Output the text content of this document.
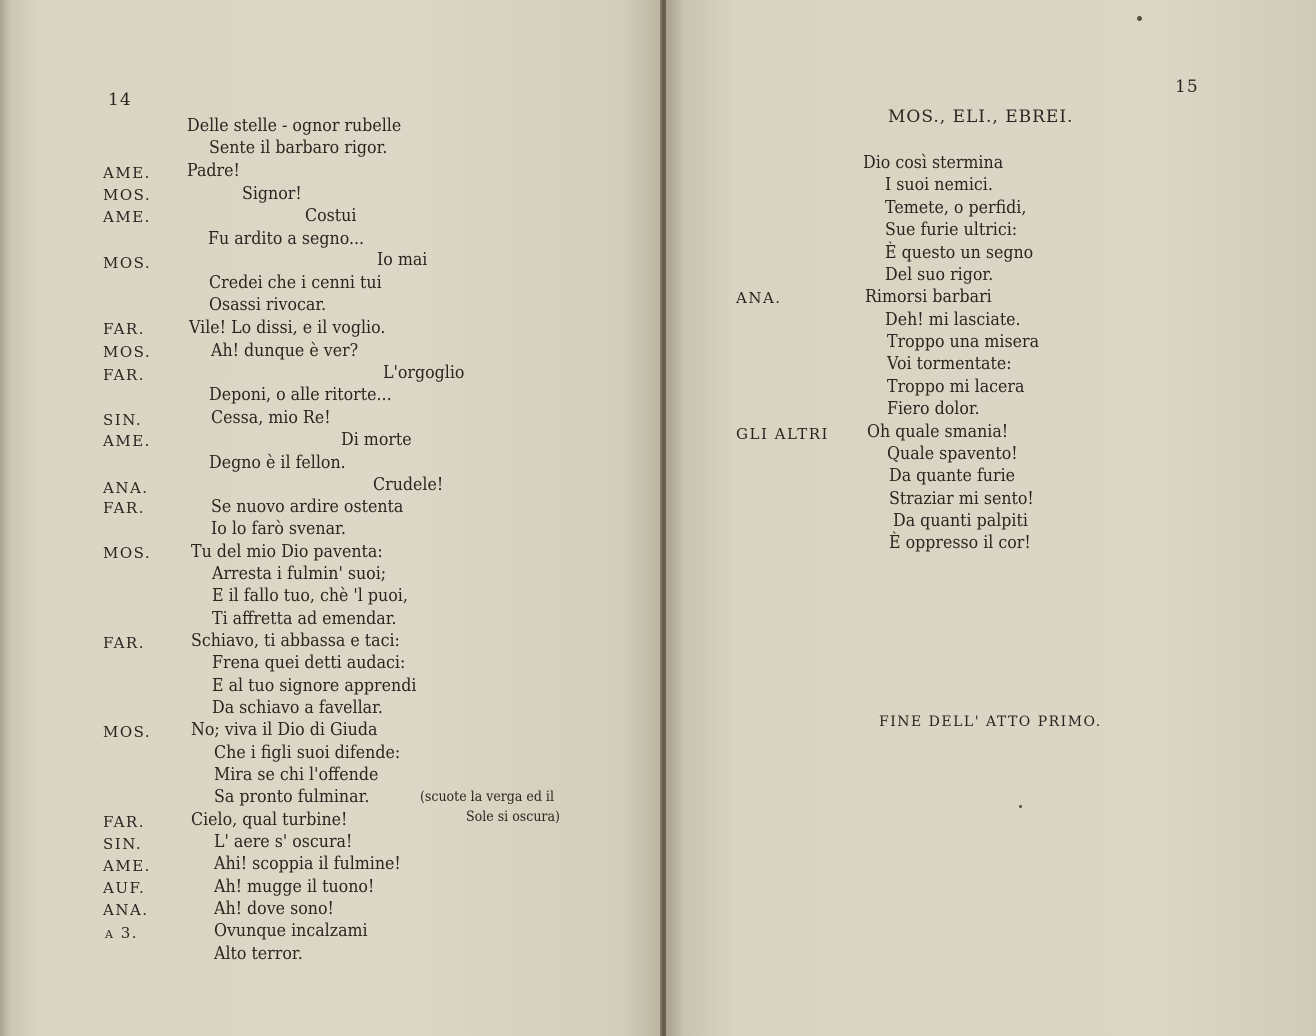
14
AME.
MOS.
AME.
MOS.
FAR.
MOS.
FAR.
SIN.
AME.
ANA.
FAR.
MOS.
FAR.
MOS.
FAR.
SIN.
AME.
AUF.
ANA.
a 3.
Delle stelle - ognor rubelle
Sente il barbaro rigor.
Padre!
Signor!
Costui
Fu ardito a segno...
Io mai
Credei che i cenni tui
Osassi rivocar.
Vile! Lo dissi, e il voglio.
Ah! dunque è ver?
L'orgoglio
Deponi, o alle ritorte...
Cessa, mio Re!
Di morte
Degno è il fellon.
Crudele!
Se nuovo ardire ostenta
Io lo farò svenar.
Tu del mio Dio paventa:
Arresta i fulmin' suoi;
E il fallo tuo, chè 'l puoi,
Ti affretta ad emendar.
Schiavo, ti abbassa e taci:
Frena quei detti audaci:
E al tuo signore apprendi
Da schiavo a favellar.
No; viva il Dio di Giuda
Che i figli suoi difende:
Mira se chi l'offende
Sa pronto fulminar.
Cielo, qual turbine!
L' aere s' oscura!
Ahi! scoppia il fulmine!
Ah! mugge il tuono!
Ah! dove sono!
Ovunque incalzami
Alto terror.
(scuote la verga ed il
Sole si oscura)
15
MOS., ELI., EBREI.
ANA.
GLI ALTRI
Dio così stermina
I suoi nemici.
Temete, o perfidi,
Sue furie ultrici:
È questo un segno
Del suo rigor.
Rimorsi barbari
Deh! mi lasciate.
Troppo una misera
Voi tormentate:
Troppo mi lacera
Fiero dolor.
Oh quale smania!
Quale spavento!
Da quante furie
Straziar mi sento!
Da quanti palpiti
È oppresso il cor!
FINE DELL' ATTO PRIMO.
